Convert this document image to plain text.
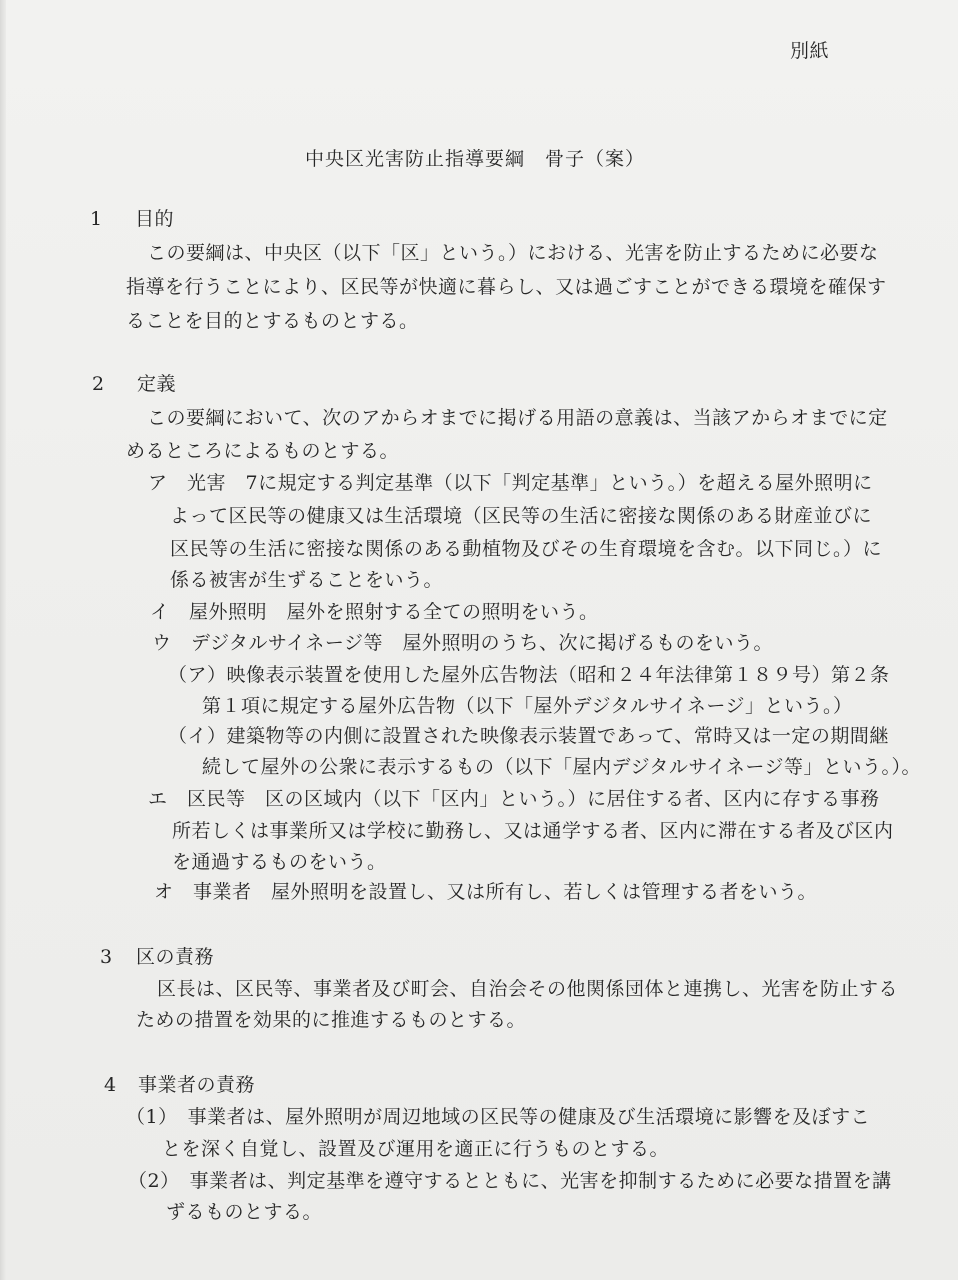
別紙
中央区光害防止指導要綱　骨子（案）
1 目的
この要綱は、中央区（以下「区」という。）における、光害を防止するために必要な
指導を行うことにより、区民等が快適に暮らし、又は過ごすことができる環境を確保す
ることを目的とするものとする。
2 定義
この要綱において、次のアからオまでに掲げる用語の意義は、当該アからオまでに定
めるところによるものとする。
ア　光害　7に規定する判定基準（以下「判定基準」という。）を超える屋外照明に
よって区民等の健康又は生活環境（区民等の生活に密接な関係のある財産並びに
区民等の生活に密接な関係のある動植物及びその生育環境を含む。以下同じ。）に
係る被害が生ずることをいう。
イ　屋外照明　屋外を照射する全ての照明をいう。
ウ　デジタルサイネージ等　屋外照明のうち、次に掲げるものをいう。
（ア）映像表示装置を使用した屋外広告物法（昭和２４年法律第１８９号）第２条
第１項に規定する屋外広告物（以下「屋外デジタルサイネージ」という。）
（イ）建築物等の内側に設置された映像表示装置であって、常時又は一定の期間継
続して屋外の公衆に表示するもの（以下「屋内デジタルサイネージ等」という。）。
エ　区民等　区の区域内（以下「区内」という。）に居住する者、区内に存する事務
所若しくは事業所又は学校に勤務し、又は通学する者、区内に滞在する者及び区内
を通過するものをいう。
オ　事業者　屋外照明を設置し、又は所有し、若しくは管理する者をいう。
3 区の責務
区長は、区民等、事業者及び町会、自治会その他関係団体と連携し、光害を防止する
ための措置を効果的に推進するものとする。
4 事業者の責務
（1）　事業者は、屋外照明が周辺地域の区民等の健康及び生活環境に影響を及ぼすこ
とを深く自覚し、設置及び運用を適正に行うものとする。
（2）　事業者は、判定基準を遵守するとともに、光害を抑制するために必要な措置を講
ずるものとする。
